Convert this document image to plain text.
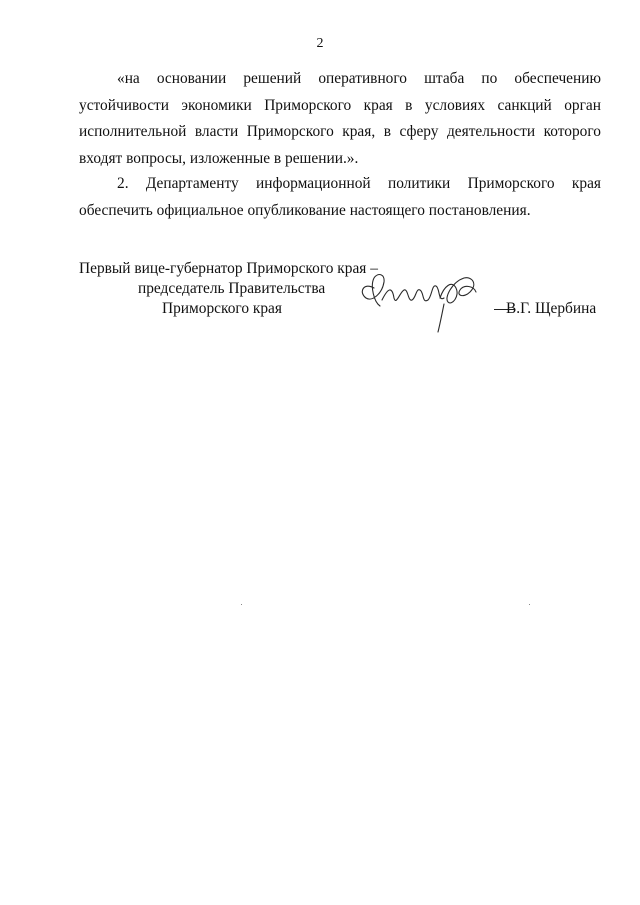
2

«на основании решений оперативного штаба по обеспечению устойчивости экономики Приморского края в условиях санкций орган исполнительной власти Приморского края, в сферу деятельности которого входят вопросы, изложенные в решении.».

2. Департаменту информационной политики Приморского края обеспечить официальное опубликование настоящего постановления.

Первый вице-губернатор Приморского края –
председатель Правительства
Приморского края	В.Г. Щербина
